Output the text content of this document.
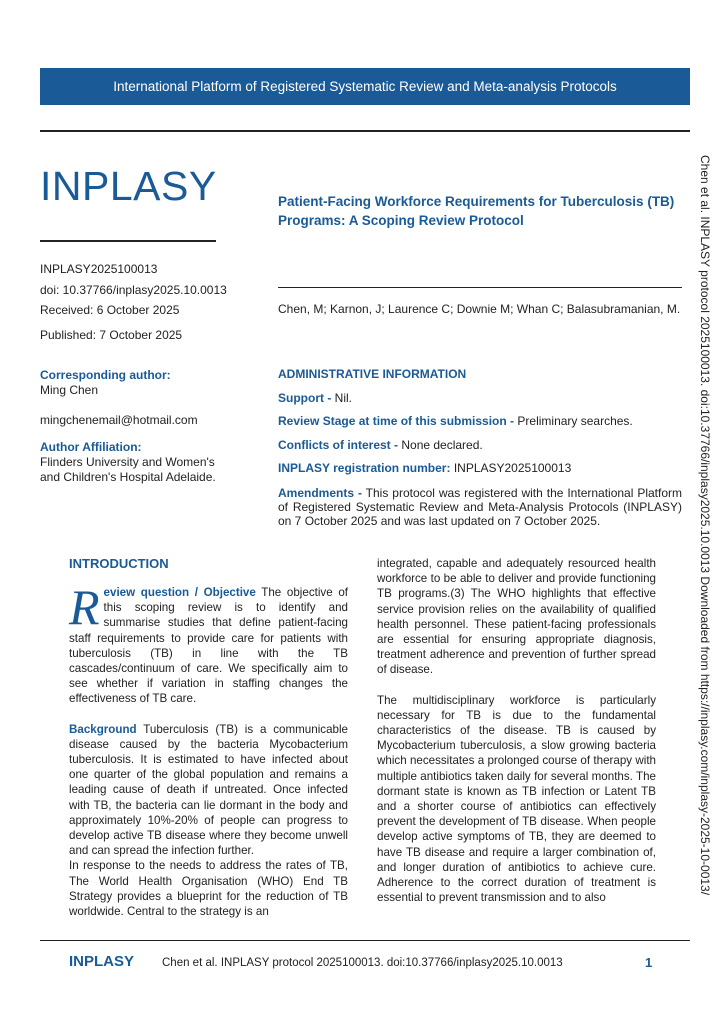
International Platform of Registered Systematic Review and Meta-analysis Protocols
INPLASY
INPLASY2025100013
doi: 10.37766/inplasy2025.10.0013
Received: 6 October 2025
Published: 7 October 2025
Patient-Facing Workforce Requirements for Tuberculosis (TB) Programs: A Scoping Review Protocol
Chen, M; Karnon, J; Laurence C; Downie M; Whan C; Balasubramanian, M.
Corresponding author:
Ming Chen
mingchenemail@hotmail.com
Author Affiliation:
Flinders University and Women's and Children's Hospital Adelaide.
ADMINISTRATIVE INFORMATION
Support - Nil.
Review Stage at time of this submission - Preliminary searches.
Conflicts of interest - None declared.
INPLASY registration number: INPLASY2025100013
Amendments - This protocol was registered with the International Platform of Registered Systematic Review and Meta-Analysis Protocols (INPLASY) on 7 October 2025 and was last updated on 7 October 2025.
INTRODUCTION

Review question / Objective The objective of this scoping review is to identify and summarise studies that define patient-facing staff requirements to provide care for patients with tuberculosis (TB) in line with the TB cascades/continuum of care. We specifically aim to see whether if variation in staffing changes the effectiveness of TB care.

Background Tuberculosis (TB) is a communicable disease caused by the bacteria Mycobacterium tuberculosis. It is estimated to have infected about one quarter of the global population and remains a leading cause of death if untreated. Once infected with TB, the bacteria can lie dormant in the body and approximately 10%-20% of people can progress to develop active TB disease where they become unwell and can spread the infection further.

In response to the needs to address the rates of TB, The World Health Organisation (WHO) End TB Strategy provides a blueprint for the reduction of TB worldwide. Central to the strategy is an

integrated, capable and adequately resourced health workforce to be able to deliver and provide functioning TB programs.(3) The WHO highlights that effective service provision relies on the availability of qualified health personnel. These patient-facing professionals are essential for ensuring appropriate diagnosis, treatment adherence and prevention of further spread of disease.

The multidisciplinary workforce is particularly necessary for TB is due to the fundamental characteristics of the disease. TB is caused by Mycobacterium tuberculosis, a slow growing bacteria which necessitates a prolonged course of therapy with multiple antibiotics taken daily for several months. The dormant state is known as TB infection or Latent TB and a shorter course of antibiotics can effectively prevent the development of TB disease. When people develop active symptoms of TB, they are deemed to have TB disease and require a larger combination of, and longer duration of antibiotics to achieve cure. Adherence to the correct duration of treatment is essential to prevent transmission and to also

Chen et al. INPLASY protocol 2025100013. doi:10.37766/inplasy2025.10.0013 Downloaded from https://inplasy.com/inplasy-2025-10-0013/
INPLASY Chen et al. INPLASY protocol 2025100013. doi:10.37766/inplasy2025.10.0013	1
